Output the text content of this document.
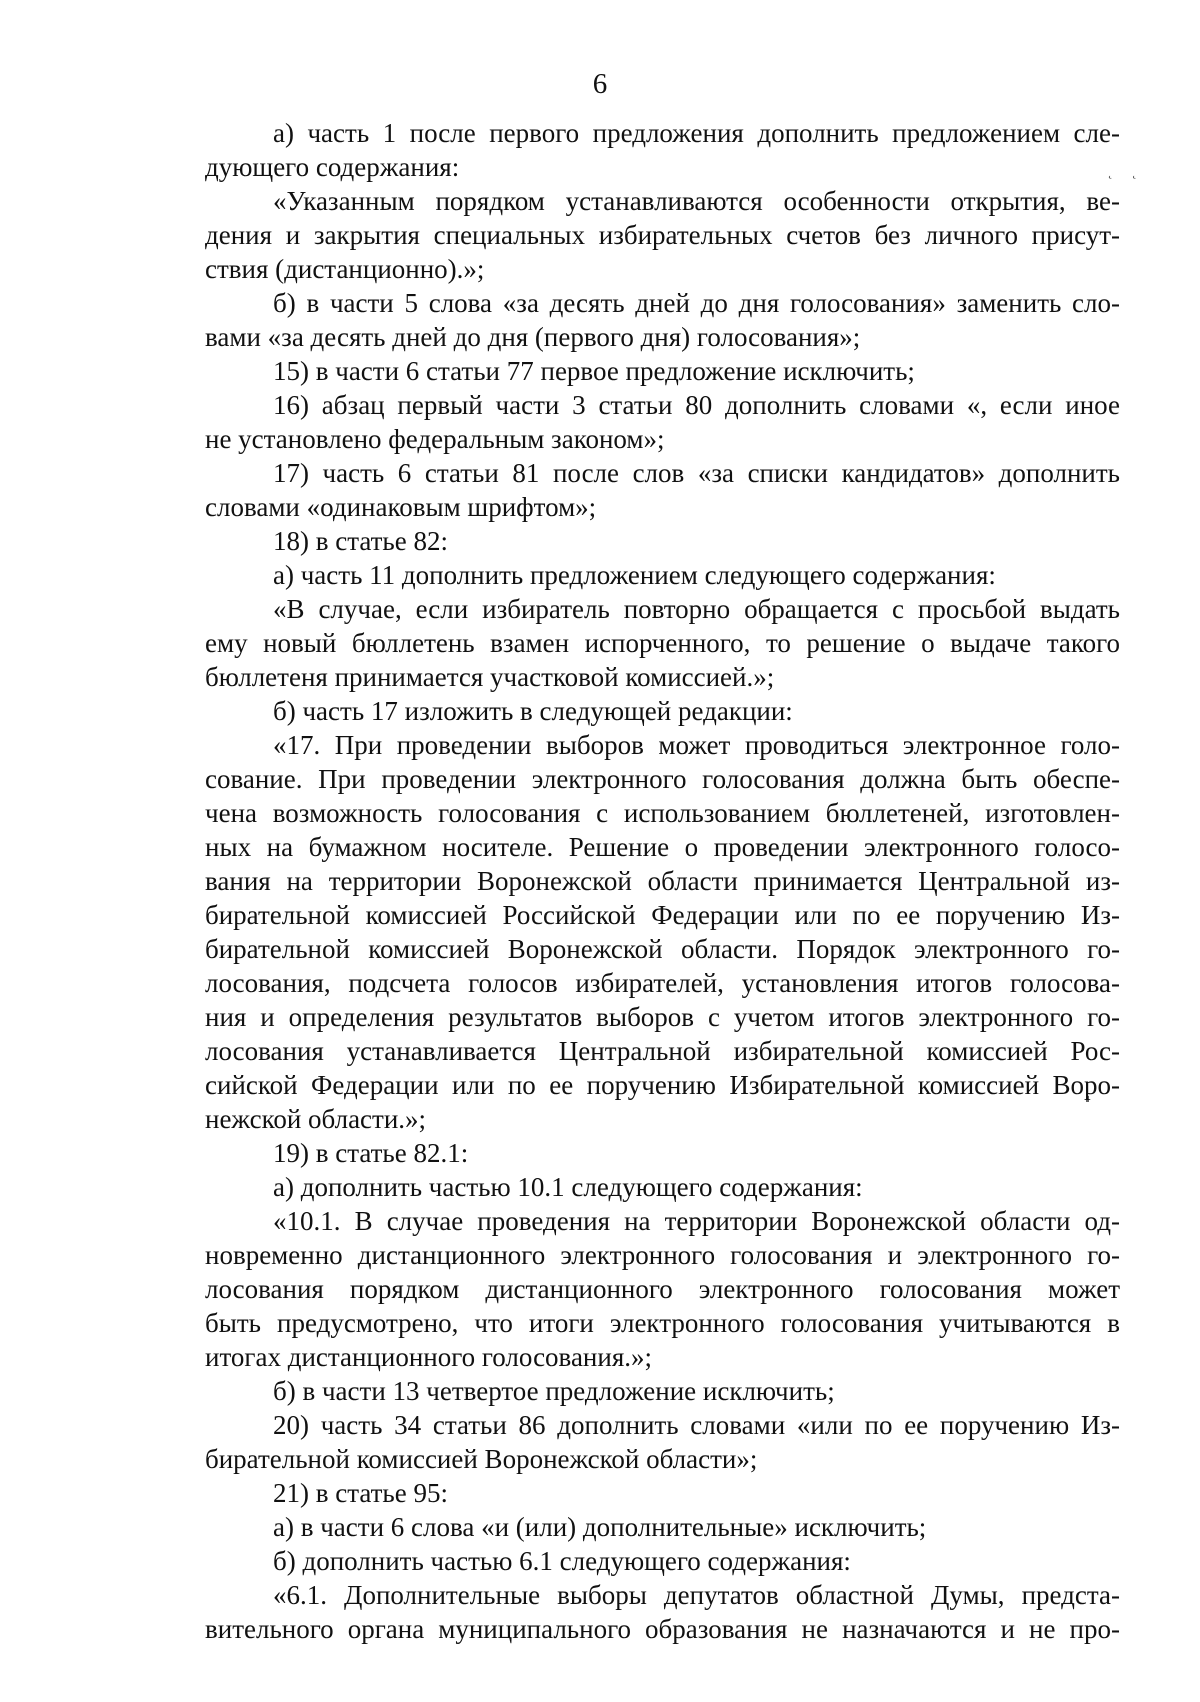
6
˛ ˛
а) часть 1 после первого предложения дополнить предложением сле-
дующего содержания:
«Указанным порядком устанавливаются особенности открытия, ве-
дения и закрытия специальных избирательных счетов без личного присут-
ствия (дистанционно).»;
б) в части 5 слова «за десять дней до дня голосования» заменить сло-
вами «за десять дней до дня (первого дня) голосования»;
15) в части 6 статьи 77 первое предложение исключить;
16) абзац первый части 3 статьи 80 дополнить словами «, если иное
не установлено федеральным законом»;
17) часть 6 статьи 81 после слов «за списки кандидатов» дополнить
словами «одинаковым шрифтом»;
18) в статье 82:
а) часть 11 дополнить предложением следующего содержания:
«В случае, если избиратель повторно обращается с просьбой выдать
ему новый бюллетень взамен испорченного, то решение о выдаче такого
бюллетеня принимается участковой комиссией.»;
б) часть 17 изложить в следующей редакции:
«17. При проведении выборов может проводиться электронное голо-
сование. При проведении электронного голосования должна быть обеспе-
чена возможность голосования с использованием бюллетеней, изготовлен-
ных на бумажном носителе. Решение о проведении электронного голосо-
вания на территории Воронежской области принимается Центральной из-
бирательной комиссией Российской Федерации или по ее поручению Из-
бирательной комиссией Воронежской области. Порядок электронного го-
лосования, подсчета голосов избирателей, установления итогов голосова-
ния и определения результатов выборов с учетом итогов электронного го-
лосования устанавливается Центральной избирательной комиссией Рос-
сийской Федерации или по ее поручению Избирательной комиссией Воро-
нежской области.»;
19) в статье 82.1:
а) дополнить частью 10.1 следующего содержания:
«10.1. В случае проведения на территории Воронежской области од-
новременно дистанционного электронного голосования и электронного го-
лосования порядком дистанционного электронного голосования может
быть предусмотрено, что итоги электронного голосования учитываются в
итогах дистанционного голосования.»;
б) в части 13 четвертое предложение исключить;
20) часть 34 статьи 86 дополнить словами «или по ее поручению Из-
бирательной комиссией Воронежской области»;
21) в статье 95:
а) в части 6 слова «и (или) дополнительные» исключить;
б) дополнить частью 6.1 следующего содержания:
«6.1. Дополнительные выборы депутатов областной Думы, предста-
вительного органа муниципального образования не назначаются и не про-
